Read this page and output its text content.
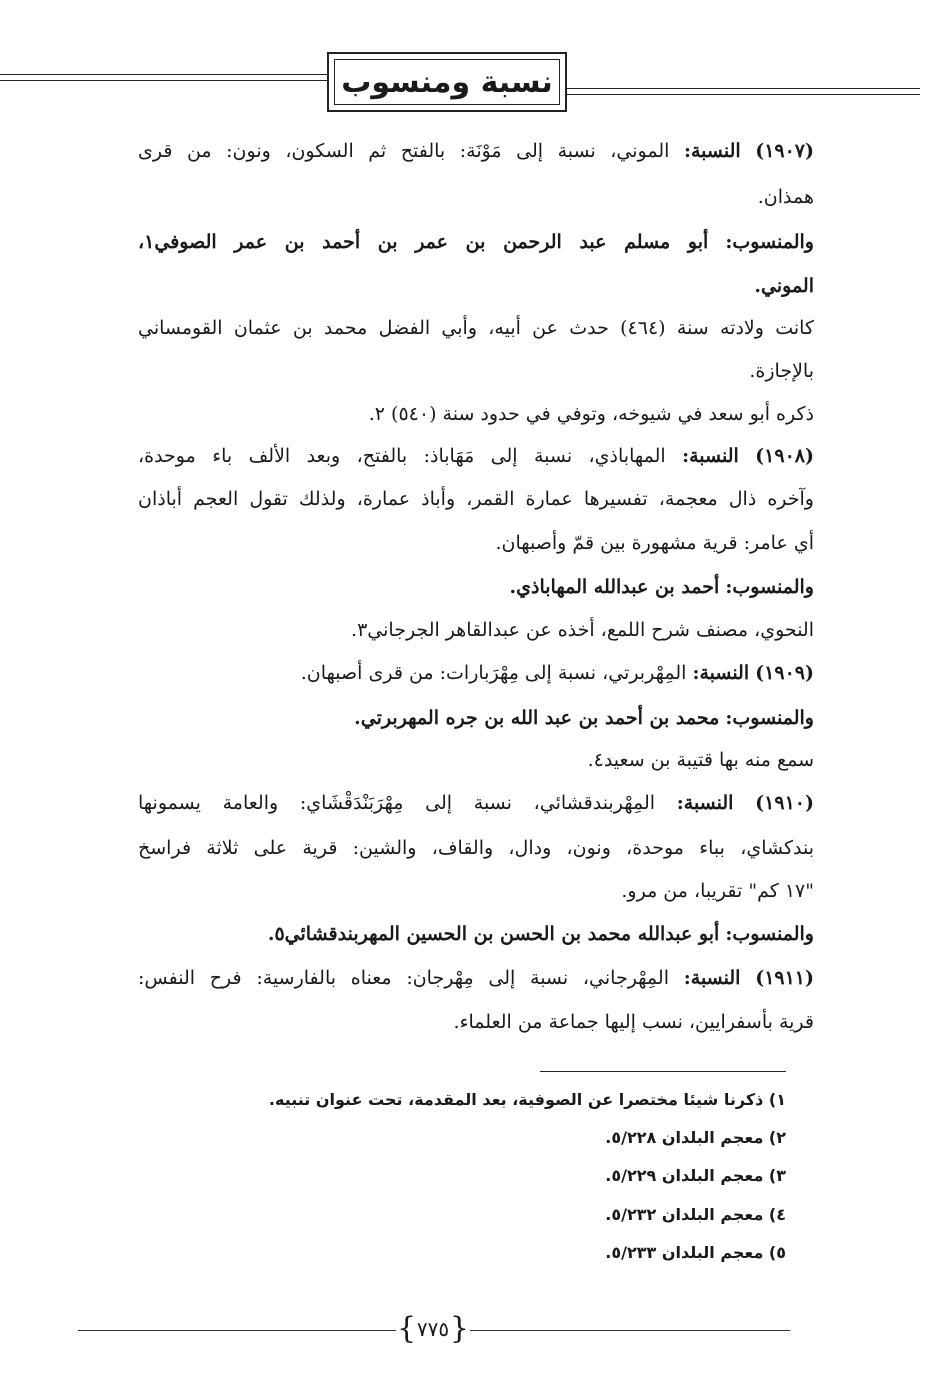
نسبة ومنسوب
(١٩٠٧) النسبة: الموني، نسبة إلى مَوْنَة: بالفتح ثم السكون، ونون: من قرى
همذان.
والمنسوب: أبو مسلم عبد الرحمن بن عمر بن أحمد بن عمر الصوفي١،
الموني.
كانت ولادته سنة (٤٦٤) حدث عن أبيه، وأبي الفضل محمد بن عثمان القومساني
بالإجازة.
ذكره أبو سعد في شيوخه، وتوفي في حدود سنة (٥٤٠) ٢.
(١٩٠٨) النسبة: المهاباذي، نسبة إلى مَهَاباذ: بالفتح، وبعد الألف باء موحدة،
وآخره ذال معجمة، تفسيرها عمارة القمر، وأباذ عمارة، ولذلك تقول العجم أباذان
أي عامر: قرية مشهورة بين قمّ وأصبهان.
والمنسوب: أحمد بن عبدالله المهاباذي.
النحوي، مصنف شرح اللمع، أخذه عن عبدالقاهر الجرجاني٣.
(١٩٠٩) النسبة: المِهْربرتي، نسبة إلى مِهْرَبارات: من قرى أصبهان.
والمنسوب: محمد بن أحمد بن عبد الله بن جره المهربرتي.
سمع منه بها قتيبة بن سعيد٤.
(١٩١٠) النسبة: المِهْربندقشائي، نسبة إلى مِهْرَبَنْدَقْشَاي: والعامة يسمونها
بندكشاي، بباء موحدة، ونون، ودال، والقاف، والشين: قرية على ثلاثة فراسخ
"١٧ كم" تقريبا، من مرو.
والمنسوب: أبو عبدالله محمد بن الحسن بن الحسين المهربندقشائي٥.
(١٩١١) النسبة: المِهْرجاني، نسبة إلى مِهْرجان: معناه بالفارسية: فرح النفس:
قرية بأسفرايين، نسب إليها جماعة من العلماء.
١) ذكرنا شيئا مختصرا عن الصوفية، بعد المقدمة، تحت عنوان تنبيه.
٢) معجم البلدان ٥/٢٢٨.
٣) معجم البلدان ٥/٢٢٩.
٤) معجم البلدان ٥/٢٣٢.
٥) معجم البلدان ٥/٢٣٣.
{ ٧٧٥ }
